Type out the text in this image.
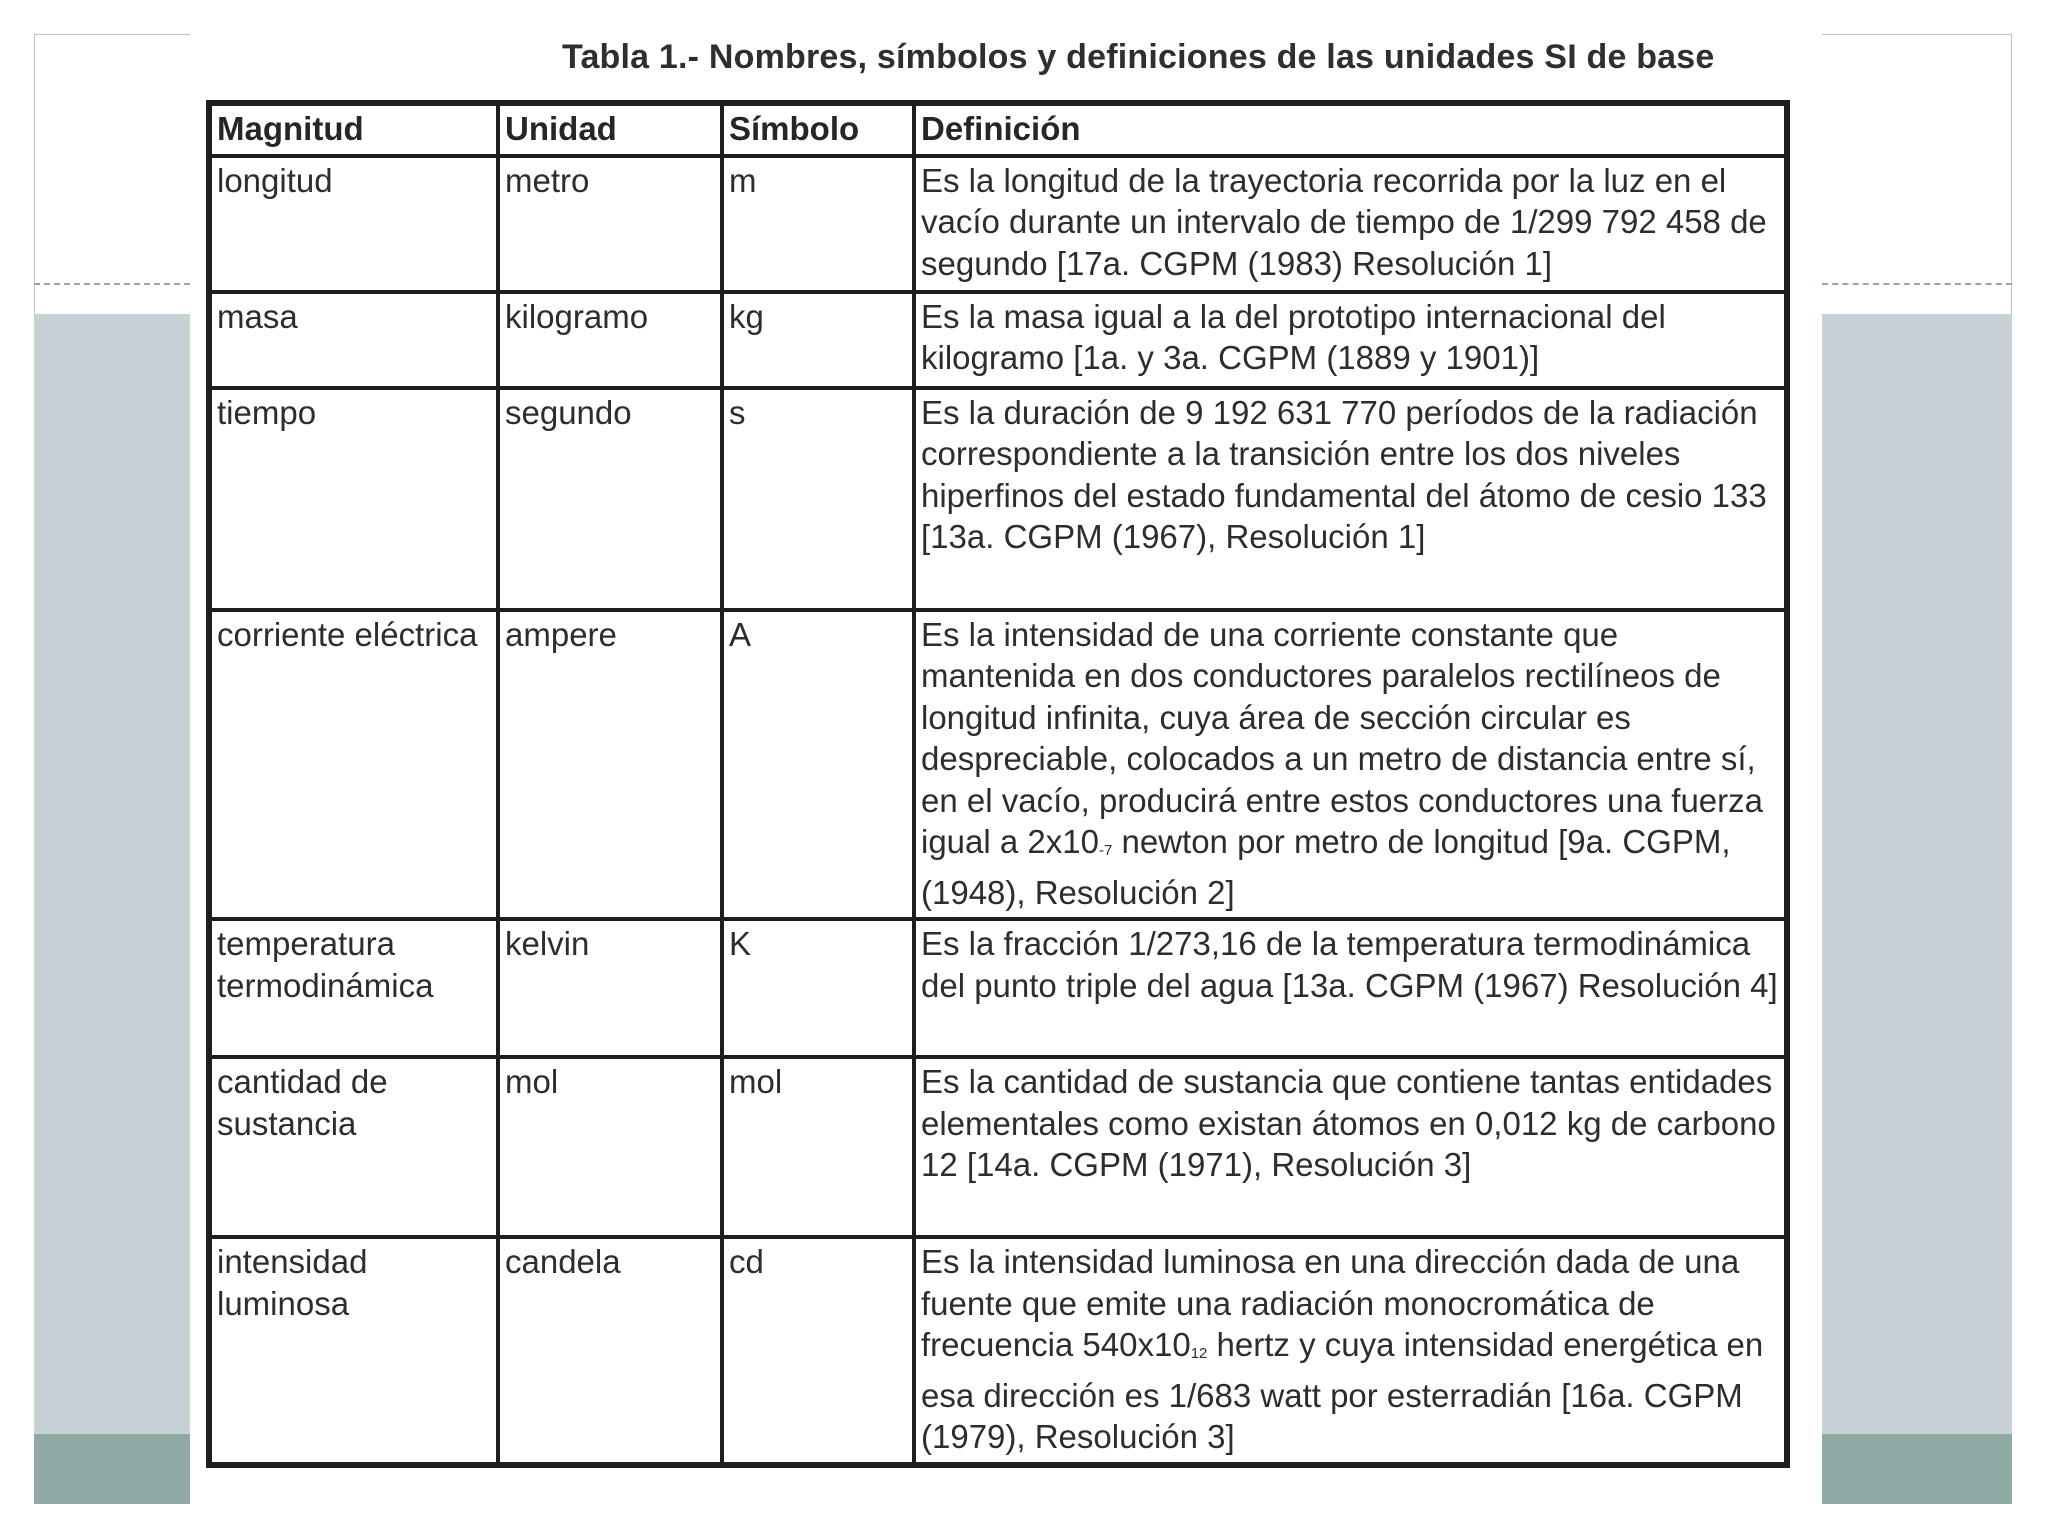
Tabla 1.- Nombres, símbolos y definiciones de las unidades SI de base
Magnitud	Unidad	Símbolo	Definición
longitud	metro	m	Es la longitud de la trayectoria recorrida por la luz en el vacío durante un intervalo de tiempo de 1/299 792 458 de segundo [17a. CGPM (1983) Resolución 1]
masa	kilogramo	kg	Es la masa igual a la del prototipo internacional del kilogramo [1a. y 3a. CGPM (1889 y 1901)]
tiempo	segundo	s	Es la duración de 9 192 631 770 períodos de la radiación correspondiente a la transición entre los dos niveles hiperfinos del estado fundamental del átomo de cesio 133 [13a. CGPM (1967), Resolución 1]
corriente eléctrica	ampere	A	Es la intensidad de una corriente constante que mantenida en dos conductores paralelos rectilíneos de longitud infinita, cuya área de sección circular es despreciable, colocados a un metro de distancia entre sí, en el vacío, producirá entre estos conductores una fuerza igual a $2x10_{-7}$ newton por metro de longitud [9a. CGPM, (1948), Resolución 2]
temperatura termodinámica	kelvin	K	Es la fracción 1/273,16 de la temperatura termodinámica del punto triple del agua [13a. CGPM (1967) Resolución 4]
cantidad de sustancia	mol	mol	Es la cantidad de sustancia que contiene tantas entidades elementales como existan átomos en 0,012 kg de carbono 12 [14a. CGPM (1971), Resolución 3]
intensidad luminosa	candela	cd	Es la intensidad luminosa en una dirección dada de una fuente que emite una radiación monocromática de frecuencia $540x10_{12}$ hertz y cuya intensidad energética en esa dirección es 1/683 watt por esterradián [16a. CGPM (1979), Resolución 3]
